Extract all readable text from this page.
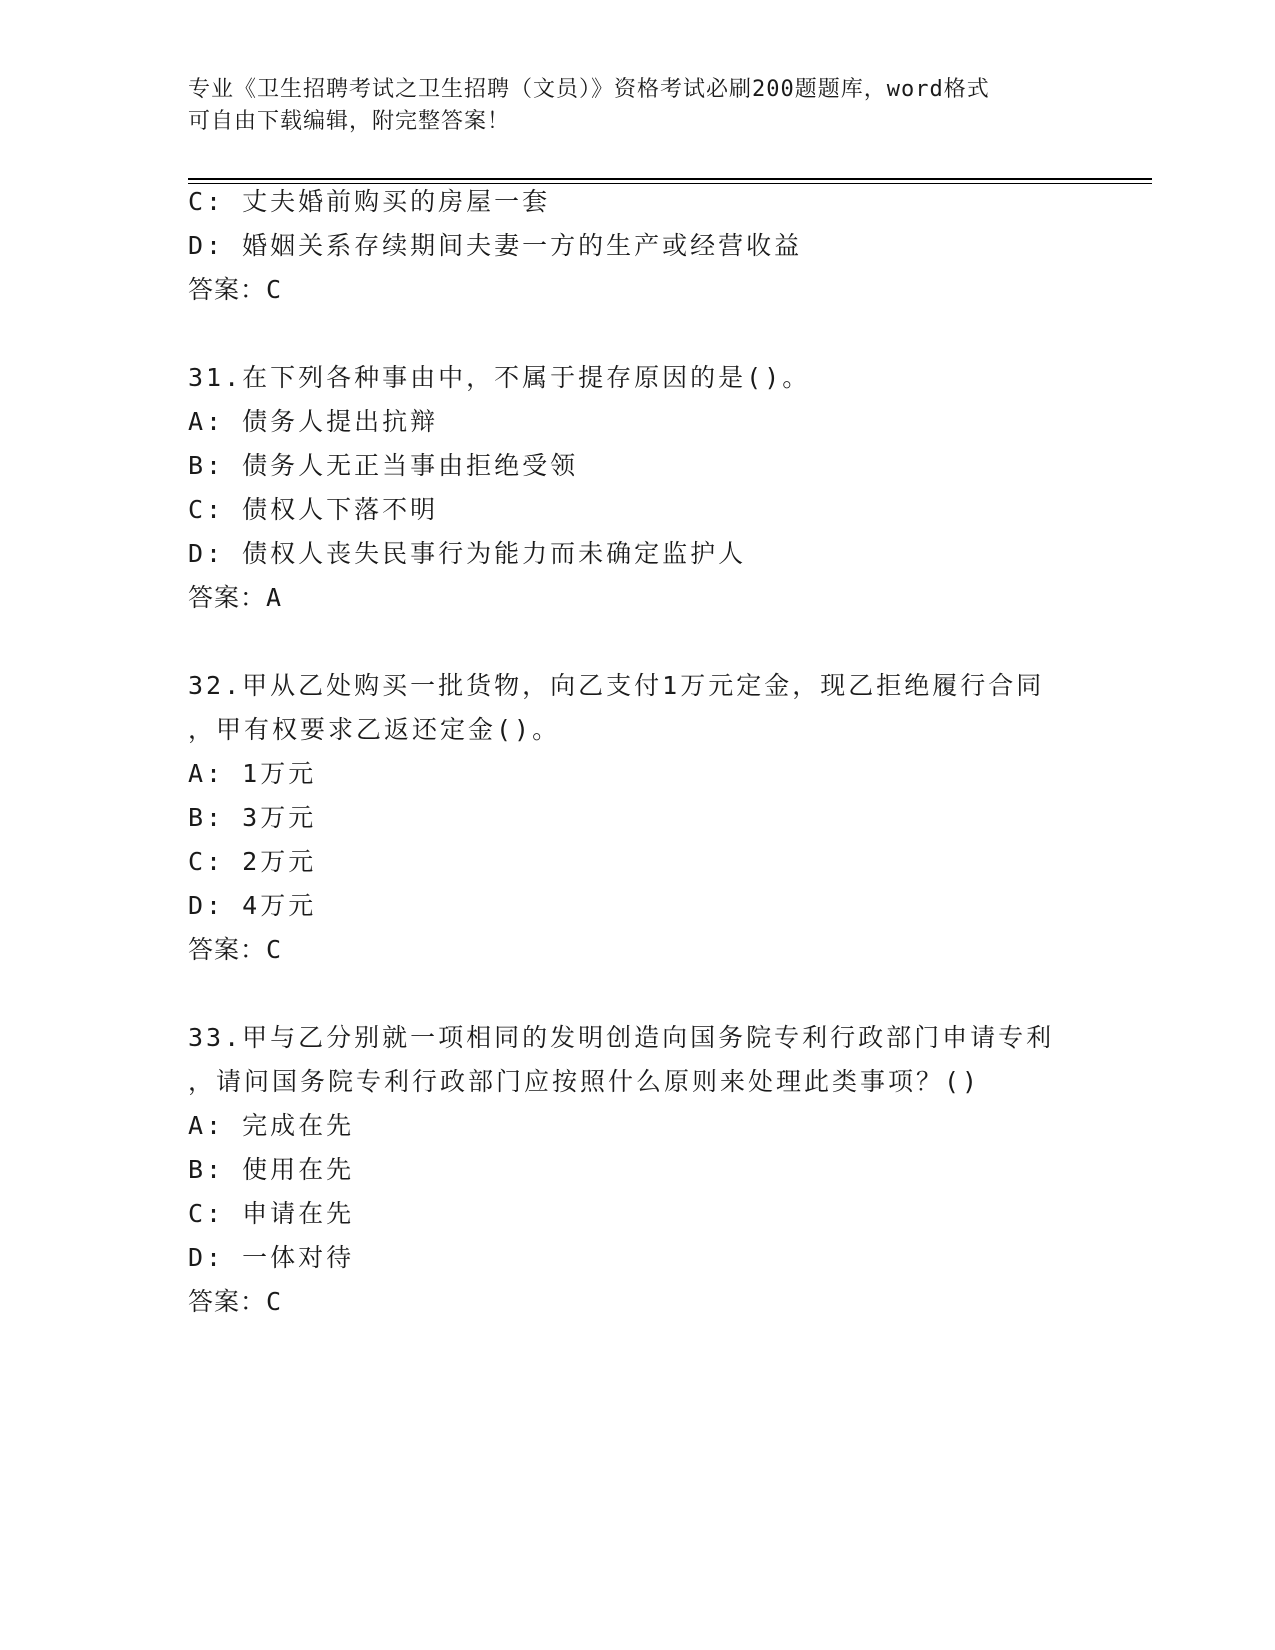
专业《卫生招聘考试之卫生招聘（文员）》资格考试必刷200题题库，word格式
可自由下载编辑，附完整答案！
C: 丈夫婚前购买的房屋一套
D: 婚姻关系存续期间夫妻一方的生产或经营收益
答案：C
31.在下列各种事由中，不属于提存原因的是()。
A: 债务人提出抗辩
B: 债务人无正当事由拒绝受领
C: 债权人下落不明
D: 债权人丧失民事行为能力而未确定监护人
答案：A
32.甲从乙处购买一批货物，向乙支付1万元定金，现乙拒绝履行合同
，甲有权要求乙返还定金()。
A: 1万元
B: 3万元
C: 2万元
D: 4万元
答案：C
33.甲与乙分别就一项相同的发明创造向国务院专利行政部门申请专利
，请问国务院专利行政部门应按照什么原则来处理此类事项？()
A: 完成在先
B: 使用在先
C: 申请在先
D: 一体对待
答案：C
